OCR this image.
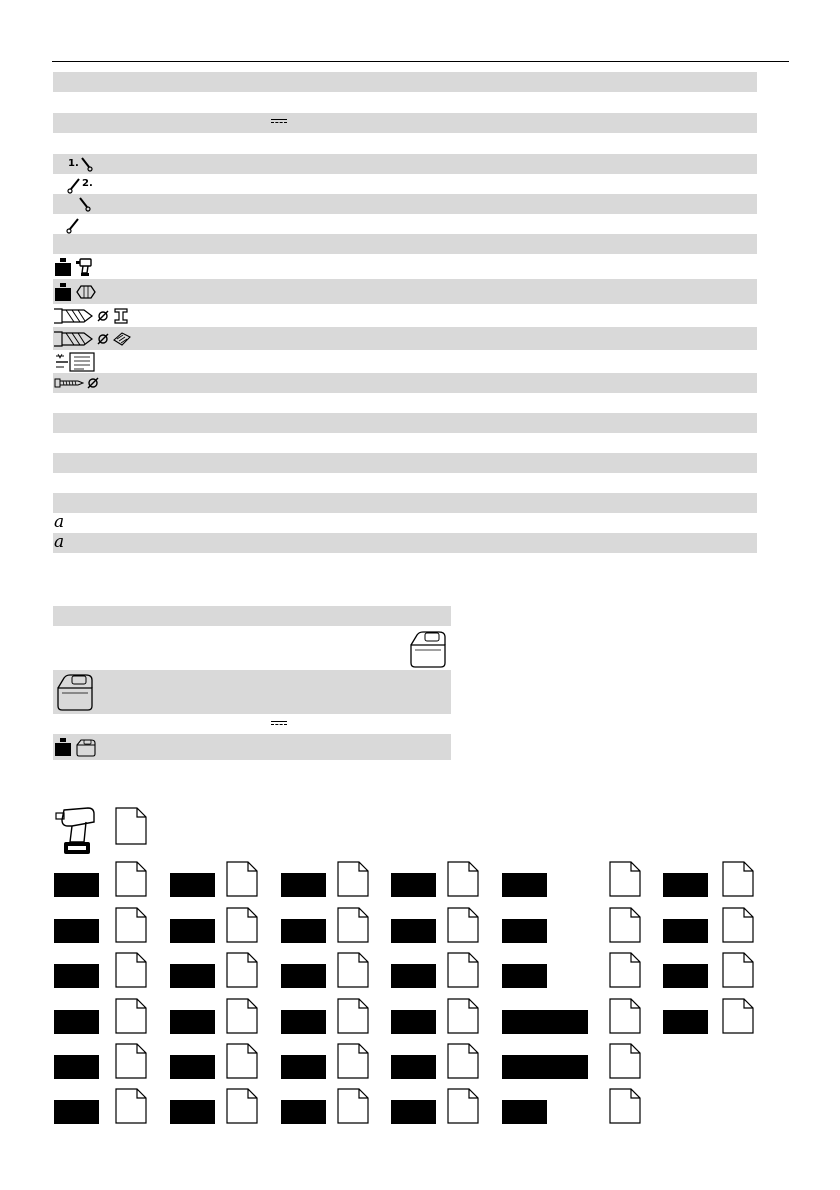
1.
2.
a
a
